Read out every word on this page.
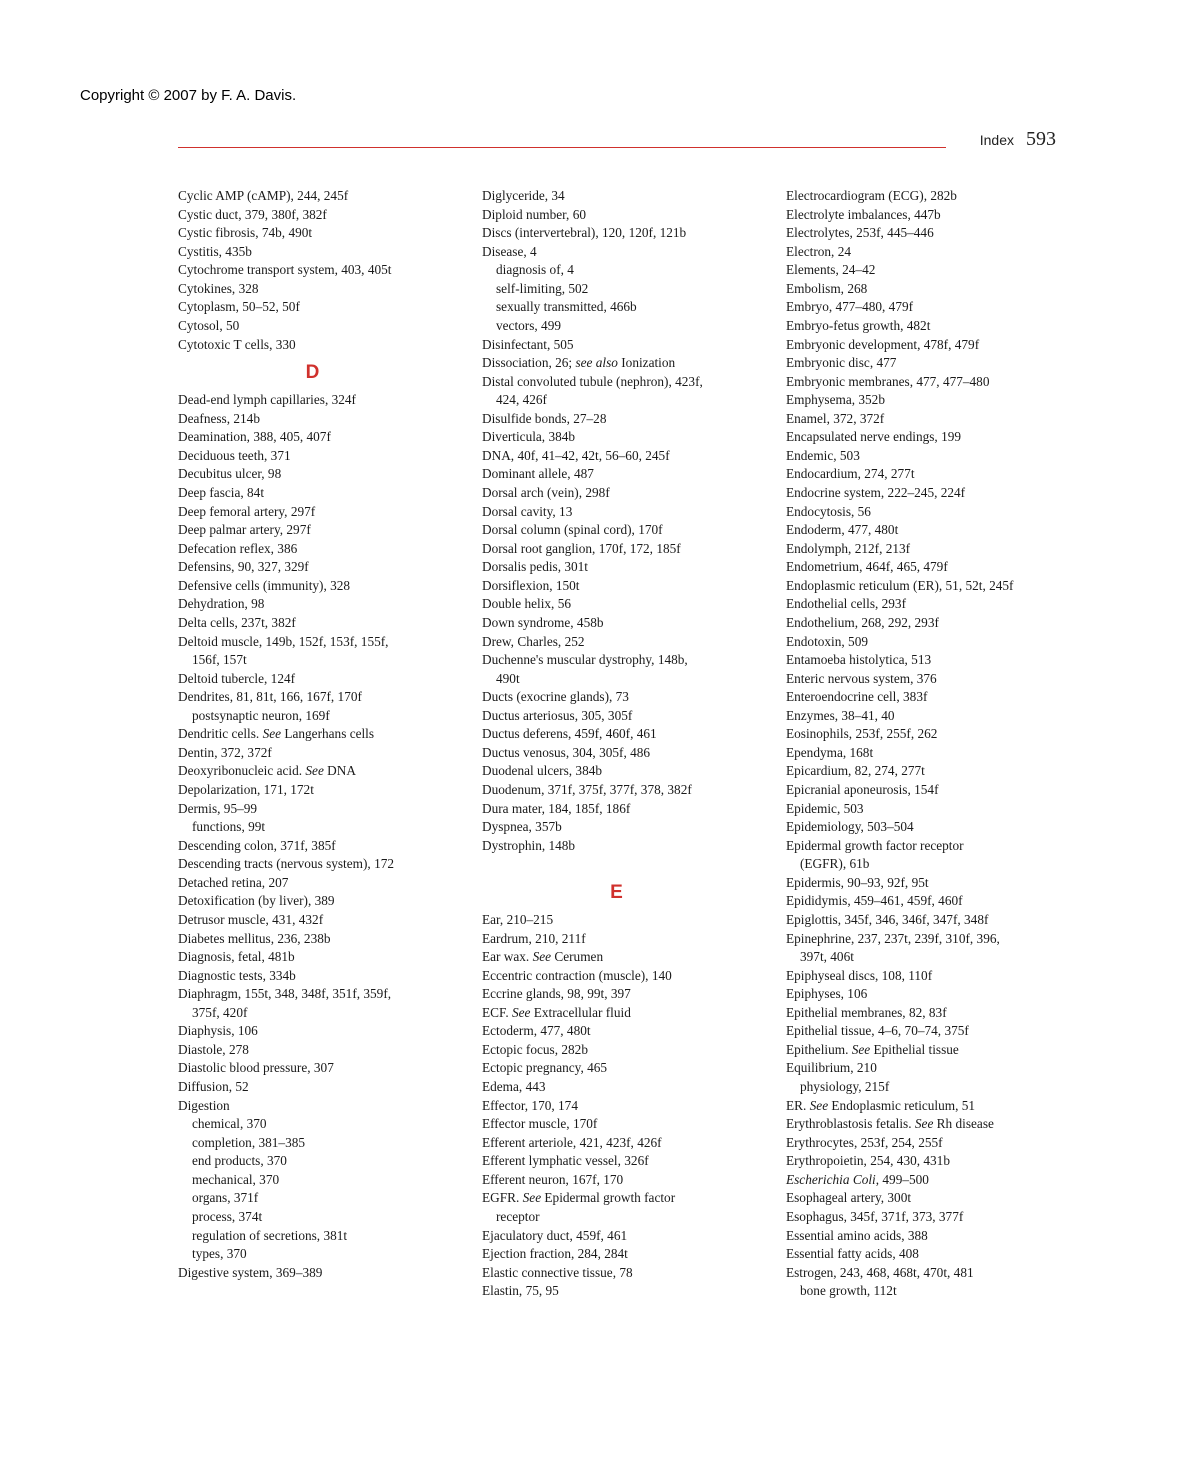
Copyright © 2007 by F. A. Davis.
Index 593
Cyclic AMP (cAMP), 244, 245f
Cystic duct, 379, 380f, 382f
Cystic fibrosis, 74b, 490t
Cystitis, 435b
Cytochrome transport system, 403, 405t
Cytokines, 328
Cytoplasm, 50–52, 50f
Cytosol, 50
Cytotoxic T cells, 330
D
Dead-end lymph capillaries, 324f
Deafness, 214b
Deamination, 388, 405, 407f
Deciduous teeth, 371
Decubitus ulcer, 98
Deep fascia, 84t
Deep femoral artery, 297f
Deep palmar artery, 297f
Defecation reflex, 386
Defensins, 90, 327, 329f
Defensive cells (immunity), 328
Dehydration, 98
Delta cells, 237t, 382f
Deltoid muscle, 149b, 152f, 153f, 155f,
156f, 157t
Deltoid tubercle, 124f
Dendrites, 81, 81t, 166, 167f, 170f
postsynaptic neuron, 169f
Dendritic cells. See Langerhans cells
Dentin, 372, 372f
Deoxyribonucleic acid. See DNA
Depolarization, 171, 172t
Dermis, 95–99
functions, 99t
Descending colon, 371f, 385f
Descending tracts (nervous system), 172
Detached retina, 207
Detoxification (by liver), 389
Detrusor muscle, 431, 432f
Diabetes mellitus, 236, 238b
Diagnosis, fetal, 481b
Diagnostic tests, 334b
Diaphragm, 155t, 348, 348f, 351f, 359f,
375f, 420f
Diaphysis, 106
Diastole, 278
Diastolic blood pressure, 307
Diffusion, 52
Digestion
chemical, 370
completion, 381–385
end products, 370
mechanical, 370
organs, 371f
process, 374t
regulation of secretions, 381t
types, 370
Digestive system, 369–389
Diglyceride, 34
Diploid number, 60
Discs (intervertebral), 120, 120f, 121b
Disease, 4
diagnosis of, 4
self-limiting, 502
sexually transmitted, 466b
vectors, 499
Disinfectant, 505
Dissociation, 26; see also Ionization
Distal convoluted tubule (nephron), 423f,
424, 426f
Disulfide bonds, 27–28
Diverticula, 384b
DNA, 40f, 41–42, 42t, 56–60, 245f
Dominant allele, 487
Dorsal arch (vein), 298f
Dorsal cavity, 13
Dorsal column (spinal cord), 170f
Dorsal root ganglion, 170f, 172, 185f
Dorsalis pedis, 301t
Dorsiflexion, 150t
Double helix, 56
Down syndrome, 458b
Drew, Charles, 252
Duchenne's muscular dystrophy, 148b,
490t
Ducts (exocrine glands), 73
Ductus arteriosus, 305, 305f
Ductus deferens, 459f, 460f, 461
Ductus venosus, 304, 305f, 486
Duodenal ulcers, 384b
Duodenum, 371f, 375f, 377f, 378, 382f
Dura mater, 184, 185f, 186f
Dyspnea, 357b
Dystrophin, 148b
E
Ear, 210–215
Eardrum, 210, 211f
Ear wax. See Cerumen
Eccentric contraction (muscle), 140
Eccrine glands, 98, 99t, 397
ECF. See Extracellular fluid
Ectoderm, 477, 480t
Ectopic focus, 282b
Ectopic pregnancy, 465
Edema, 443
Effector, 170, 174
Effector muscle, 170f
Efferent arteriole, 421, 423f, 426f
Efferent lymphatic vessel, 326f
Efferent neuron, 167f, 170
EGFR. See Epidermal growth factor
receptor
Ejaculatory duct, 459f, 461
Ejection fraction, 284, 284t
Elastic connective tissue, 78
Elastin, 75, 95
Electrocardiogram (ECG), 282b
Electrolyte imbalances, 447b
Electrolytes, 253f, 445–446
Electron, 24
Elements, 24–42
Embolism, 268
Embryo, 477–480, 479f
Embryo-fetus growth, 482t
Embryonic development, 478f, 479f
Embryonic disc, 477
Embryonic membranes, 477, 477–480
Emphysema, 352b
Enamel, 372, 372f
Encapsulated nerve endings, 199
Endemic, 503
Endocardium, 274, 277t
Endocrine system, 222–245, 224f
Endocytosis, 56
Endoderm, 477, 480t
Endolymph, 212f, 213f
Endometrium, 464f, 465, 479f
Endoplasmic reticulum (ER), 51, 52t, 245f
Endothelial cells, 293f
Endothelium, 268, 292, 293f
Endotoxin, 509
Entamoeba histolytica, 513
Enteric nervous system, 376
Enteroendocrine cell, 383f
Enzymes, 38–41, 40
Eosinophils, 253f, 255f, 262
Ependyma, 168t
Epicardium, 82, 274, 277t
Epicranial aponeurosis, 154f
Epidemic, 503
Epidemiology, 503–504
Epidermal growth factor receptor
(EGFR), 61b
Epidermis, 90–93, 92f, 95t
Epididymis, 459–461, 459f, 460f
Epiglottis, 345f, 346, 346f, 347f, 348f
Epinephrine, 237, 237t, 239f, 310f, 396,
397t, 406t
Epiphyseal discs, 108, 110f
Epiphyses, 106
Epithelial membranes, 82, 83f
Epithelial tissue, 4–6, 70–74, 375f
Epithelium. See Epithelial tissue
Equilibrium, 210
physiology, 215f
ER. See Endoplasmic reticulum, 51
Erythroblastosis fetalis. See Rh disease
Erythrocytes, 253f, 254, 255f
Erythropoietin, 254, 430, 431b
Escherichia Coli, 499–500
Esophageal artery, 300t
Esophagus, 345f, 371f, 373, 377f
Essential amino acids, 388
Essential fatty acids, 408
Estrogen, 243, 468, 468t, 470t, 481
bone growth, 112t
